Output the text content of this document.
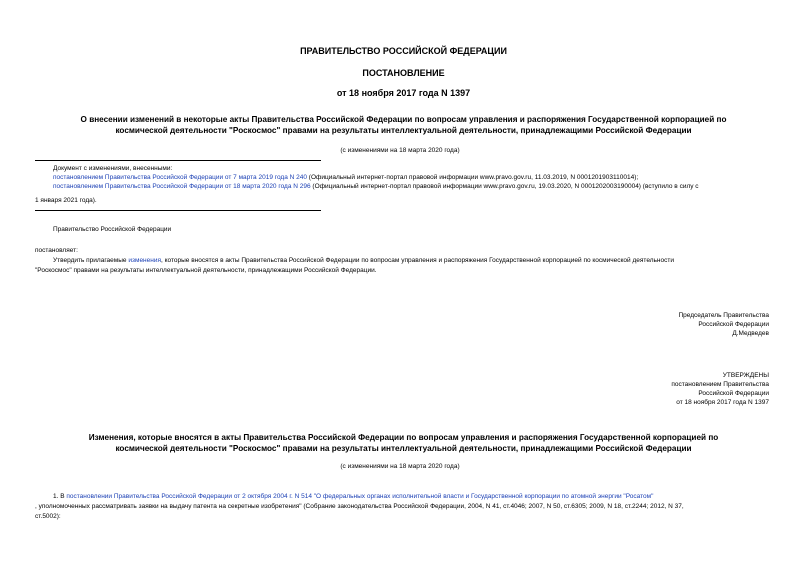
ПРАВИТЕЛЬСТВО РОССИЙСКОЙ ФЕДЕРАЦИИ
ПОСТАНОВЛЕНИЕ
от 18 ноября 2017 года N 1397
О внесении изменений в некоторые акты Правительства Российской Федерации по вопросам управления и распоряжения Государственной корпорацией по
космической деятельности "Роскосмос" правами на результаты интеллектуальной деятельности, принадлежащими Российской Федерации
(с изменениями на 18 марта 2020 года)
Документ с изменениями, внесенными:
постановлением Правительства Российской Федерации от 7 марта 2019 года N 240 (Официальный интернет-портал правовой информации www.pravo.gov.ru, 11.03.2019, N 0001201903110014);
постановлением Правительства Российской Федерации от 18 марта 2020 года N 296 (Официальный интернет-портал правовой информации www.pravo.gov.ru, 19.03.2020, N 0001202003190004) (вступило в силу с
1 января 2021 года).
Правительство Российской Федерации
постановляет:
Утвердить прилагаемые изменения, которые вносятся в акты Правительства Российской Федерации по вопросам управления и распоряжения Государственной корпорацией по космической деятельности
"Роскосмос" правами на результаты интеллектуальной деятельности, принадлежащими Российской Федерации.
Председатель Правительства
Российской Федерации
Д.Медведев
УТВЕРЖДЕНЫ
постановлением Правительства
Российской Федерации
от 18 ноября 2017 года N 1397
Изменения, которые вносятся в акты Правительства Российской Федерации по вопросам управления и распоряжения Государственной корпорацией по
космической деятельности "Роскосмос" правами на результаты интеллектуальной деятельности, принадлежащими Российской Федерации
(с изменениями на 18 марта 2020 года)
1. В постановлении Правительства Российской Федерации от 2 октября 2004 г. N 514 "О федеральных органах исполнительной власти и Государственной корпорации по атомной энергии "Росатом"
, уполномоченных рассматривать заявки на выдачу патента на секретные изобретения" (Собрание законодательства Российской Федерации, 2004, N 41, ст.4046; 2007, N 50, ст.6305; 2009, N 18, ст.2244; 2012, N 37,
ст.5002):
